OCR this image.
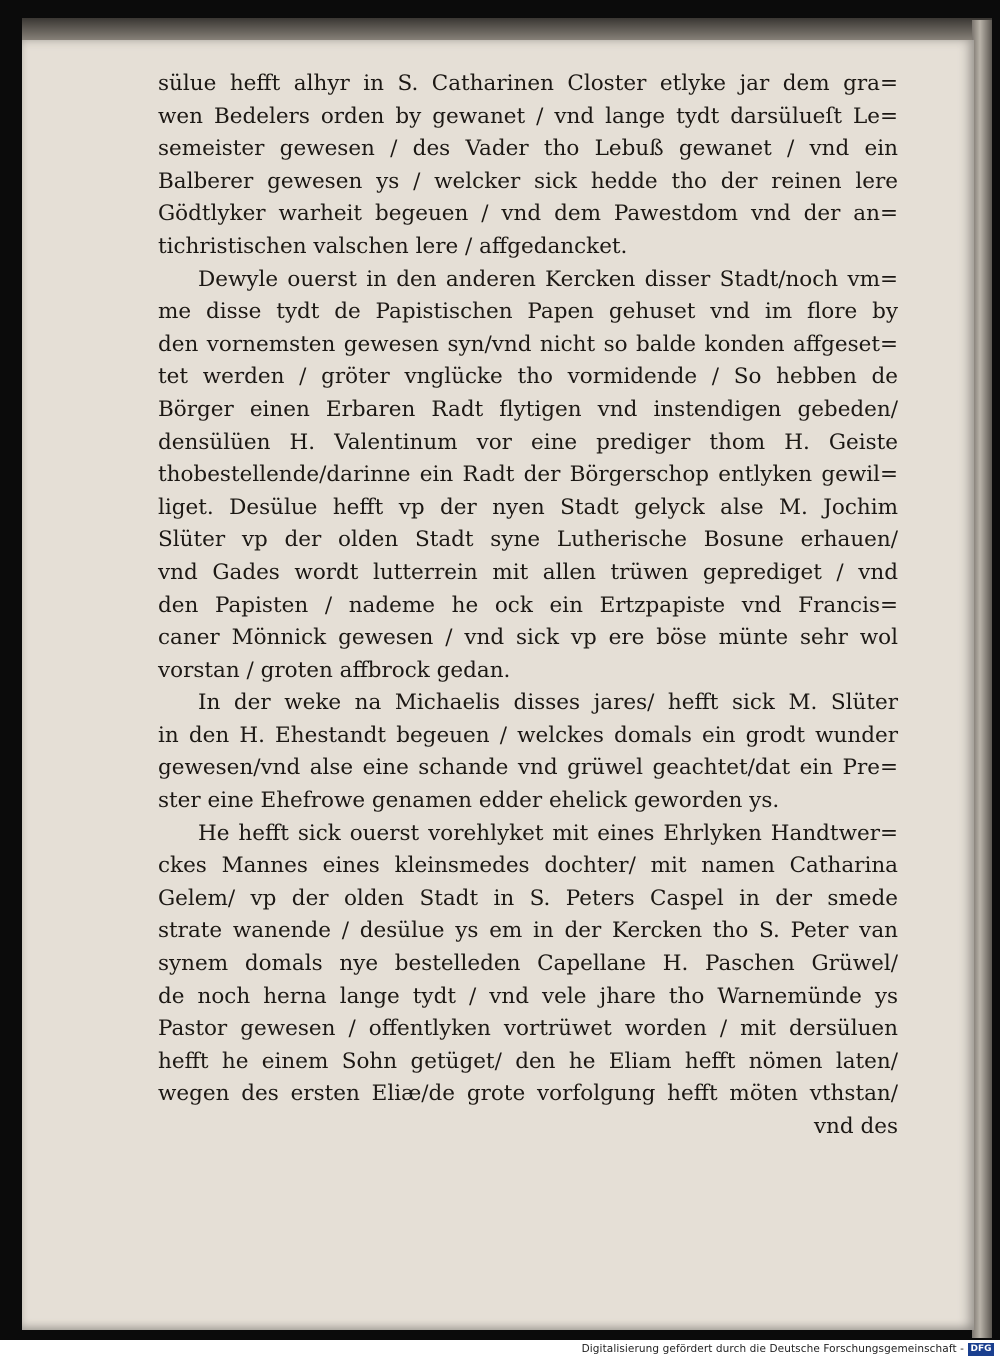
sülue hefft alhyr in S. Catharinen Closter etlyke jar dem gra=
wen Bedelers orden by gewanet / vnd lange tydt darsülueſt Le=
semeister gewesen / des Vader tho Lebuß gewanet / vnd ein
Balberer gewesen ys / welcker sick hedde tho der reinen lere
Gödtlyker warheit begeuen / vnd dem Pawestdom vnd der an=
tichristischen valschen lere / affgedancket.
Dewyle ouerst in den anderen Kercken disser Stadt/noch vm=
me disse tydt de Papistischen Papen gehuset vnd im flore by
den vornemsten gewesen syn/vnd nicht so balde konden affgeset=
tet werden / gröter vnglücke tho vormidende / So hebben de
Börger einen Erbaren Radt flytigen vnd instendigen gebeden/
densülüen H. Valentinum vor eine prediger thom H. Geiste
thobestellende/darinne ein Radt der Börgerschop entlyken gewil=
liget. Desülue hefft vp der nyen Stadt gelyck alse M. Jochim
Slüter vp der olden Stadt syne Lutherische Bosune erhauen/
vnd Gades wordt lutterrein mit allen trüwen geprediget / vnd
den Papisten / nademe he ock ein Ertzpapiste vnd Francis=
caner Mönnick gewesen / vnd sick vp ere böse münte sehr wol
vorstan / groten affbrock gedan.
In der weke na Michaelis disses jares/ hefft sick M. Slüter
in den H. Ehestandt begeuen / welckes domals ein grodt wunder
gewesen/vnd alse eine schande vnd grüwel geachtet/dat ein Pre=
ster eine Ehefrowe genamen edder ehelick geworden ys.
He hefft sick ouerst vorehlyket mit eines Ehrlyken Handtwer=
ckes Mannes eines kleinsmedes dochter/ mit namen Catharina
Gelem/ vp der olden Stadt in S. Peters Caspel in der smede
strate wanende / desülue ys em in der Kercken tho S. Peter van
synem domals nye bestelleden Capellane H. Paschen Grüwel/
de noch herna lange tydt / vnd vele jhare tho Warnemünde ys
Pastor gewesen / offentlyken vortrüwet worden / mit dersüluen
hefft he einem Sohn getüget/ den he Eliam hefft nömen laten/
wegen des ersten Eliæ/de grote vorfolgung hefft möten vthstan/
vnd des
Digitalisierung gefördert durch die Deutsche Forschungsgemeinschaft - DFG
